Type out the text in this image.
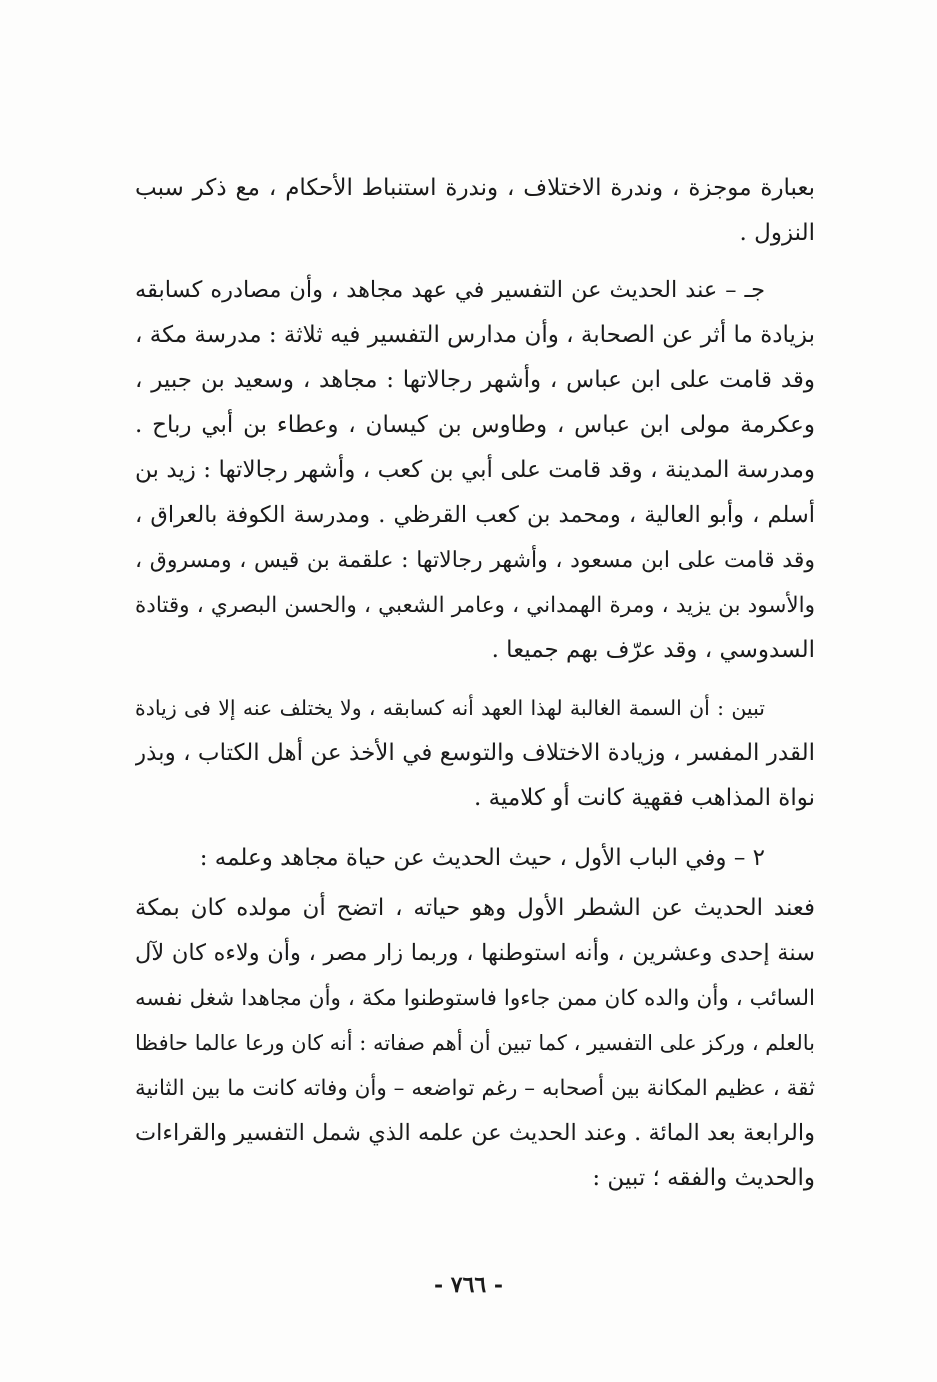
بعبارة موجزة ، وندرة الاختلاف ، وندرة استنباط الأحكام ، مع ذكر سبب
النزول .
جـ – عند الحديث عن التفسير في عهد مجاهد ، وأن مصادره كسابقه
بزيادة ما أثر عن الصحابة ، وأن مدارس التفسير فيه ثلاثة : مدرسة مكة ،
وقد قامت على ابن عباس ، وأشهر رجالاتها : مجاهد ، وسعيد بن جبير ،
وعكرمة مولى ابن عباس ، وطاوس بن كيسان ، وعطاء بن أبي رباح .
ومدرسة المدينة ، وقد قامت على أبي بن كعب ، وأشهر رجالاتها : زيد بن
أسلم ، وأبو العالية ، ومحمد بن كعب القرظي . ومدرسة الكوفة بالعراق ،
وقد قامت على ابن مسعود ، وأشهر رجالاتها : علقمة بن قيس ، ومسروق ،
والأسود بن يزيد ، ومرة الهمداني ، وعامر الشعبي ، والحسن البصري ، وقتادة
السدوسي ، وقد عرّف بهم جميعا .
تبين : أن السمة الغالبة لهذا العهد أنه كسابقه ، ولا يختلف عنه إلا فى زيادة
القدر المفسر ، وزيادة الاختلاف والتوسع في الأخذ عن أهل الكتاب ، وبذر
نواة المذاهب فقهية كانت أو كلامية .
٢ – وفي الباب الأول ، حيث الحديث عن حياة مجاهد وعلمه :
فعند الحديث عن الشطر الأول وهو حياته ، اتضح أن مولده كان بمكة
سنة إحدى وعشرين ، وأنه استوطنها ، وربما زار مصر ، وأن ولاءه كان لآل
السائب ، وأن والده كان ممن جاءوا فاستوطنوا مكة ، وأن مجاهدا شغل نفسه
بالعلم ، وركز على التفسير ، كما تبين أن أهم صفاته : أنه كان ورعا عالما حافظا
ثقة ، عظيم المكانة بين أصحابه – رغم تواضعه – وأن وفاته كانت ما بين الثانية
والرابعة بعد المائة . وعند الحديث عن علمه الذي شمل التفسير والقراءات
والحديث والفقه ؛ تبين :
- ٧٦٦ -
